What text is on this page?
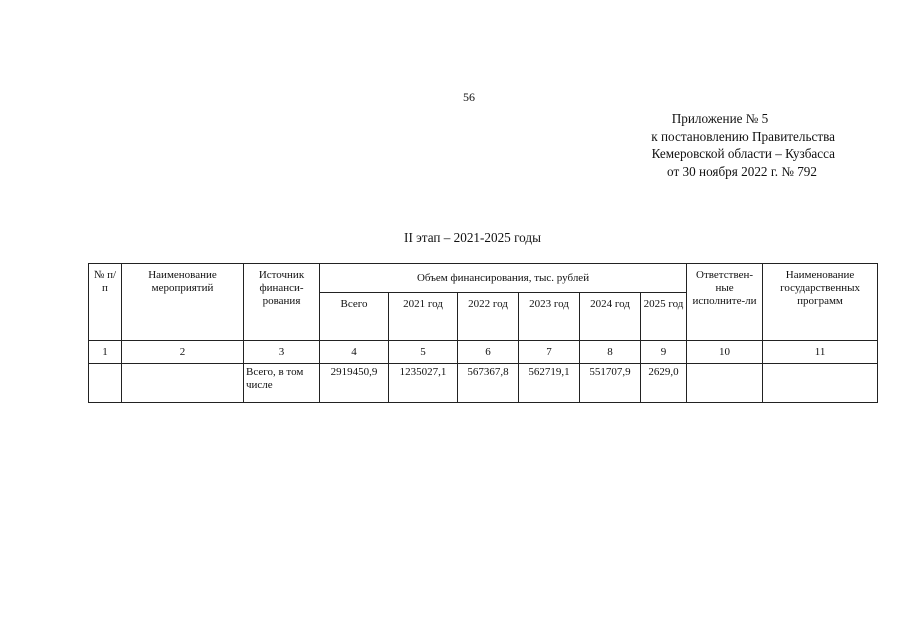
56
Приложение № 5
к постановлению Правительства
Кемеровской области – Кузбасса
от 30 ноября 2022 г. № 792
II этап – 2021-2025 годы
№ п/п	Наименование мероприятий	Источник финанси-рования	Объем финансирования, тыс. рублей						Ответствен-ные исполните-ли	Наименование государственных программ
			Всего	2021 год	2022 год	2023 год	2024 год	2025 год		
1	2	3	4	5	6	7	8	9	10	11
		Всего, в том числе	2919450,9	1235027,1	567367,8	562719,1	551707,9	2629,0		
